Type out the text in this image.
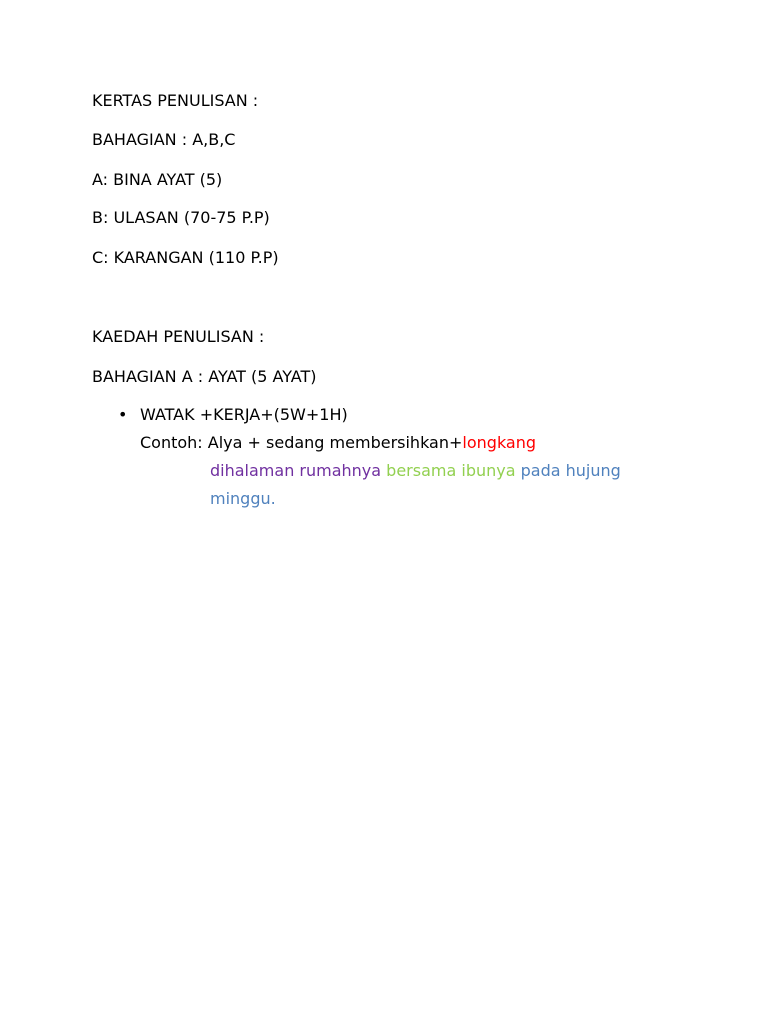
KERTAS PENULISAN :
BAHAGIAN : A,B,C
A: BINA AYAT (5)
B: ULASAN (70-75 P.P)
C: KARANGAN (110 P.P)
KAEDAH PENULISAN :
BAHAGIAN A : AYAT (5 AYAT)
• WATAK +KERJA+(5W+1H)
Contoh: Alya + sedang membersihkan+longkang
dihalaman rumahnya bersama ibunya pada hujung
minggu.
